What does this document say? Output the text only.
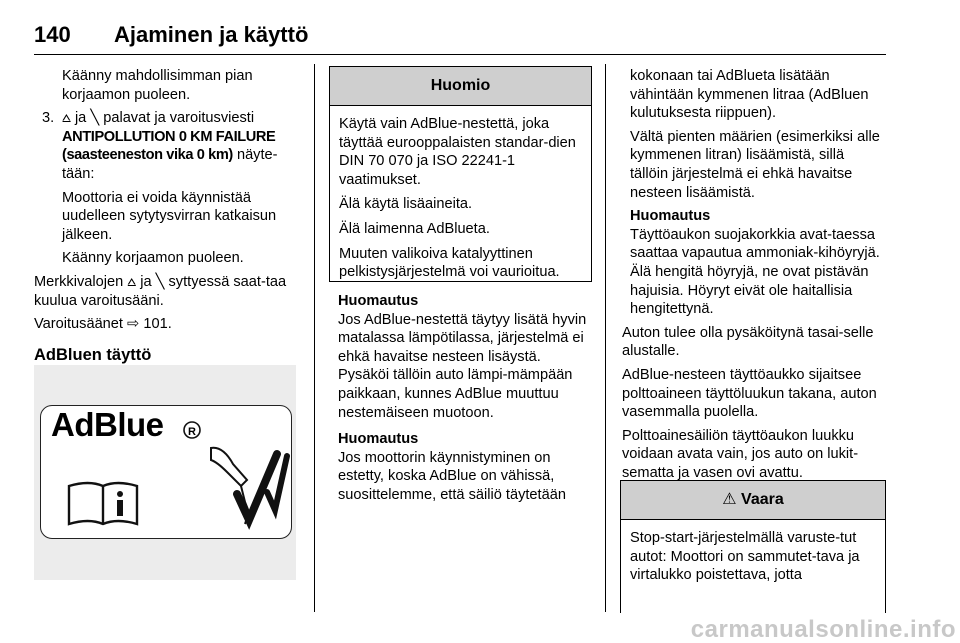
140 Ajaminen ja käyttö

Käänny mahdollisimman pian korjaamon puoleen.

3. ⩟ ja ╲ palavat ja varoitusviesti ANTIPOLLUTION 0 KM FAILURE (saasteeneston vika 0 km) näyte-tään:

Moottoria ei voida käynnistää uudelleen sytytysvirran katkaisun jälkeen.

Käänny korjaamon puoleen.

Merkkivalojen ⩟ ja ╲ syttyessä saat-taa kuulua varoitusääni.

Varoitusäänet ⇨ 101.

AdBluen täyttö

AdBlue R
Huomio

Käytä vain AdBlue-nestettä, joka täyttää eurooppalaisten standar-dien DIN 70 070 ja ISO 22241-1 vaatimukset.

Älä käytä lisäaineita.

Älä laimenna AdBlueta.

Muuten valikoiva katalyyttinen pelkistysjärjestelmä voi vaurioitua.

Huomautus

Jos AdBlue-nestettä täytyy lisätä hyvin matalassa lämpötilassa, järjestelmä ei ehkä havaitse nesteen lisäystä. Pysäköi tällöin auto lämpi-mämpään paikkaan, kunnes AdBlue muuttuu nestemäiseen muotoon.

Huomautus

Jos moottorin käynnistyminen on estetty, koska AdBlue on vähissä, suosittelemme, että säiliö täytetään

kokonaan tai AdBlueta lisätään vähintään kymmenen litraa (AdBluen kulutuksesta riippuen).

Vältä pienten määrien (esimerkiksi alle kymmenen litran) lisäämistä, sillä tällöin järjestelmä ei ehkä havaitse nesteen lisäämistä.

Huomautus

Täyttöaukon suojakorkkia avat-taessa saattaa vapautua ammoniak-kihöyryjä. Älä hengitä höyryjä, ne ovat pistävän hajuisia. Höyryt eivät ole haitallisia hengitettynä.

Auton tulee olla pysäköitynä tasai-selle alustalle.

AdBlue-nesteen täyttöaukko sijaitsee polttoaineen täyttöluukun takana, auton vasemmalla puolella.

Polttoainesäiliön täyttöaukon luukku voidaan avata vain, jos auto on lukit-sematta ja vasen ovi avattu.

⚠ Vaara

Stop-start-järjestelmällä varuste-tut autot: Moottori on sammutet-tava ja virtalukko poistettava, jotta

carmanualsonline.info
